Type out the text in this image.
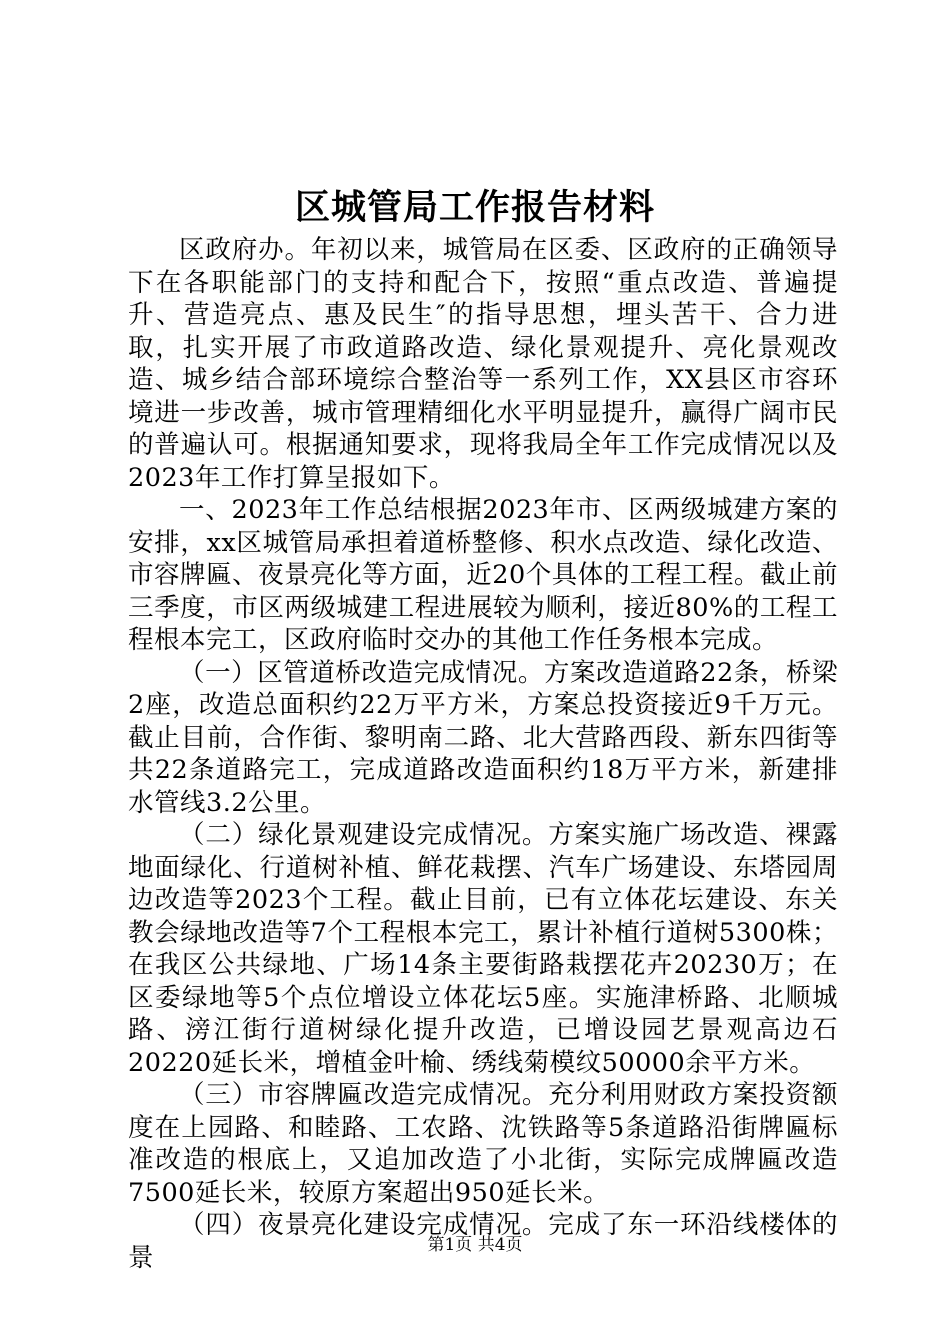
区城管局工作报告材料

区政府办。年初以来，城管局在区委、区政府的正确领导下在各职能部门的支持和配合下，按照“重点改造、普遍提升、营造亮点、惠及民生″的指导思想，埋头苦干、合力进取，扎实开展了市政道路改造、绿化景观提升、亮化景观改造、城乡结合部环境综合整治等一系列工作，XX县区市容环境进一步改善，城市管理精细化水平明显提升，赢得广阔市民的普遍认可。根据通知要求，现将我局全年工作完成情况以及2023年工作打算呈报如下。

一、2023年工作总结根据2023年市、区两级城建方案的安排，xx区城管局承担着道桥整修、积水点改造、绿化改造、市容牌匾、夜景亮化等方面，近20个具体的工程工程。截止前三季度，市区两级城建工程进展较为顺利，接近80%的工程工程根本完工，区政府临时交办的其他工作任务根本完成。

（一）区管道桥改造完成情况。方案改造道路22条，桥梁2座，改造总面积约22万平方米，方案总投资接近9千万元。截止目前，合作街、黎明南二路、北大营路西段、新东四街等共22条道路完工，完成道路改造面积约18万平方米，新建排水管线3.2公里。

（二）绿化景观建设完成情况。方案实施广场改造、裸露地面绿化、行道树补植、鲜花栽摆、汽车广场建设、东塔园周边改造等2023个工程。截止目前，已有立体花坛建设、东关教会绿地改造等7个工程根本完工，累计补植行道树5300株；在我区公共绿地、广场14条主要街路栽摆花卉20230万；在区委绿地等5个点位增设立体花坛5座。实施津桥路、北顺城路、滂江街行道树绿化提升改造，已增设园艺景观高边石20220延长米，增植金叶榆、绣线菊模纹50000余平方米。

（三）市容牌匾改造完成情况。充分利用财政方案投资额度在上园路、和睦路、工农路、沈铁路等5条道路沿街牌匾标准改造的根底上，又追加改造了小北街，实际完成牌匾改造7500延长米，较原方案超出950延长米。

（四）夜景亮化建设完成情况。完成了东一环沿线楼体的景	第1页 共4页
